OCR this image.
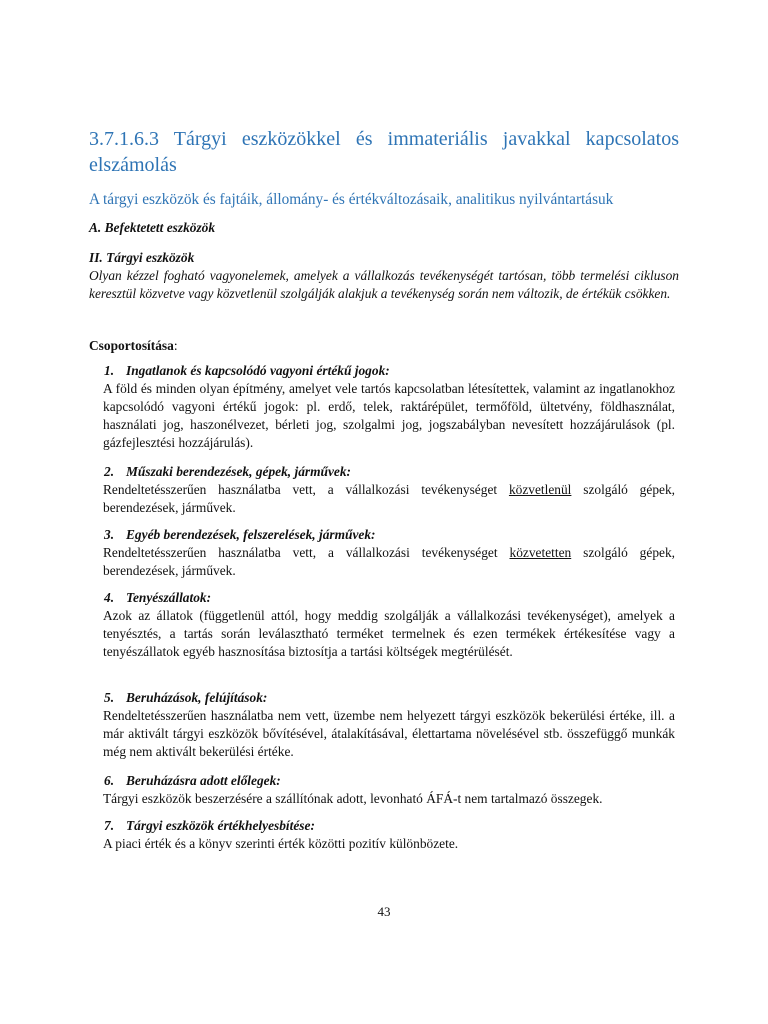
3.7.1.6.3 Tárgyi eszközökkel és immateriális javakkal kapcsolatos elszámolás
A tárgyi eszközök és fajtáik, állomány- és értékváltozásaik, analitikus nyilvántartásuk
A. Befektetett eszközök
II. Tárgyi eszközök
Olyan kézzel fogható vagyonelemek, amelyek a vállalkozás tevékenységét tartósan, több termelési cikluson keresztül közvetve vagy közvetlenül szolgálják alakjuk a tevékenység során nem változik, de értékük csökken.
Csoportosítása:
1. Ingatlanok és kapcsolódó vagyoni értékű jogok:
A föld és minden olyan építmény, amelyet vele tartós kapcsolatban létesítettek, valamint az ingatlanokhoz kapcsolódó vagyoni értékű jogok: pl. erdő, telek, raktárépület, termőföld, ültetvény, földhasználat, használati jog, haszonélvezet, bérleti jog, szolgalmi jog, jogszabályban nevesített hozzájárulások (pl. gázfejlesztési hozzájárulás).
2. Műszaki berendezések, gépek, járművek:
Rendeltetésszerűen használatba vett, a vállalkozási tevékenységet közvetlenül szolgáló gépek, berendezések, járművek.
3. Egyéb berendezések, felszerelések, járművek:
Rendeltetésszerűen használatba vett, a vállalkozási tevékenységet közvetetten szolgáló gépek, berendezések, járművek.
4. Tenyészállatok:
Azok az állatok (függetlenül attól, hogy meddig szolgálják a vállalkozási tevékenységet), amelyek a tenyésztés, a tartás során leválasztható terméket termelnek és ezen termékek értékesítése vagy a tenyészállatok egyéb hasznosítása biztosítja a tartási költségek megtérülését.
5. Beruházások, felújítások:
Rendeltetésszerűen használatba nem vett, üzembe nem helyezett tárgyi eszközök bekerülési értéke, ill. a már aktivált tárgyi eszközök bővítésével, átalakításával, élettartama növelésével stb. összefüggő munkák még nem aktivált bekerülési értéke.
6. Beruházásra adott előlegek:
Tárgyi eszközök beszerzésére a szállítónak adott, levonható ÁFÁ-t nem tartalmazó összegek.
7. Tárgyi eszközök értékhelyesbítése:
A piaci érték és a könyv szerinti érték közötti pozitív különbözete.
43
